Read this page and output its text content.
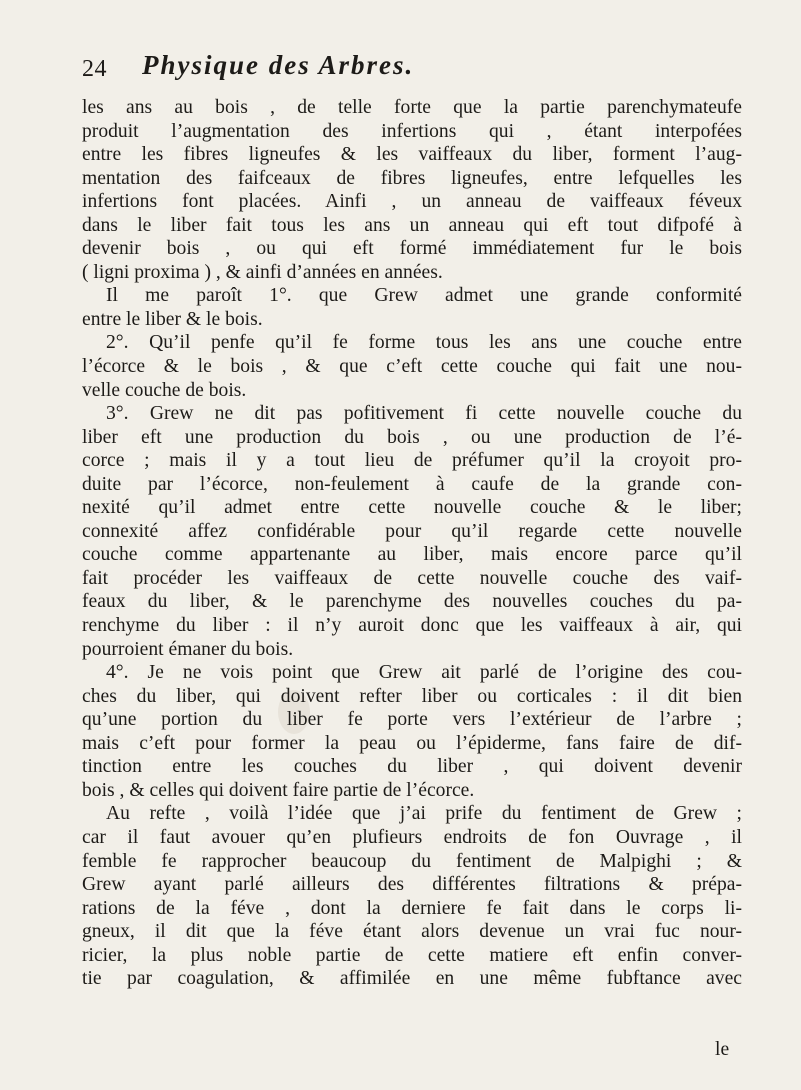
24 Physique des Arbres.
les ans au bois , de telle forte que la partie parenchymateufe
produit l’augmentation des infertions qui , étant interpofées
entre les fibres ligneufes & les vaiffeaux du liber, forment l’aug-
mentation des faifceaux de fibres ligneufes, entre lefquelles les
infertions font placées. Ainfi , un anneau de vaiffeaux féveux
dans le liber fait tous les ans un anneau qui eft tout difpofé à
devenir bois , ou qui eft formé immédiatement fur le bois
( ligni proxima ) , & ainfi d’années en années.
Il me paroît 1°. que Grew admet une grande conformité
entre le liber & le bois.
2°. Qu’il penfe qu’il fe forme tous les ans une couche entre
l’écorce & le bois , & que c’eft cette couche qui fait une nou-
velle couche de bois.
3°. Grew ne dit pas pofitivement fi cette nouvelle couche du
liber eft une production du bois , ou une production de l’é-
corce ; mais il y a tout lieu de préfumer qu’il la croyoit pro-
duite par l’écorce, non-feulement à caufe de la grande con-
nexité qu’il admet entre cette nouvelle couche & le liber;
connexité affez confidérable pour qu’il regarde cette nouvelle
couche comme appartenante au liber, mais encore parce qu’il
fait procéder les vaiffeaux de cette nouvelle couche des vaif-
feaux du liber, & le parenchyme des nouvelles couches du pa-
renchyme du liber : il n’y auroit donc que les vaiffeaux à air, qui
pourroient émaner du bois.
4°. Je ne vois point que Grew ait parlé de l’origine des cou-
ches du liber, qui doivent refter liber ou corticales : il dit bien
qu’une portion du liber fe porte vers l’extérieur de l’arbre ;
mais c’eft pour former la peau ou l’épiderme, fans faire de dif-
tinction entre les couches du liber , qui doivent devenir
bois , & celles qui doivent faire partie de l’écorce.
Au refte , voilà l’idée que j’ai prife du fentiment de Grew ;
car il faut avouer qu’en plufieurs endroits de fon Ouvrage , il
femble fe rapprocher beaucoup du fentiment de Malpighi ; &
Grew ayant parlé ailleurs des différentes filtrations & prépa-
rations de la féve , dont la derniere fe fait dans le corps li-
gneux, il dit que la féve étant alors devenue un vrai fuc nour-
ricier, la plus noble partie de cette matiere eft enfin conver-
tie par coagulation, & affimilée en une même fubftance avec
le
